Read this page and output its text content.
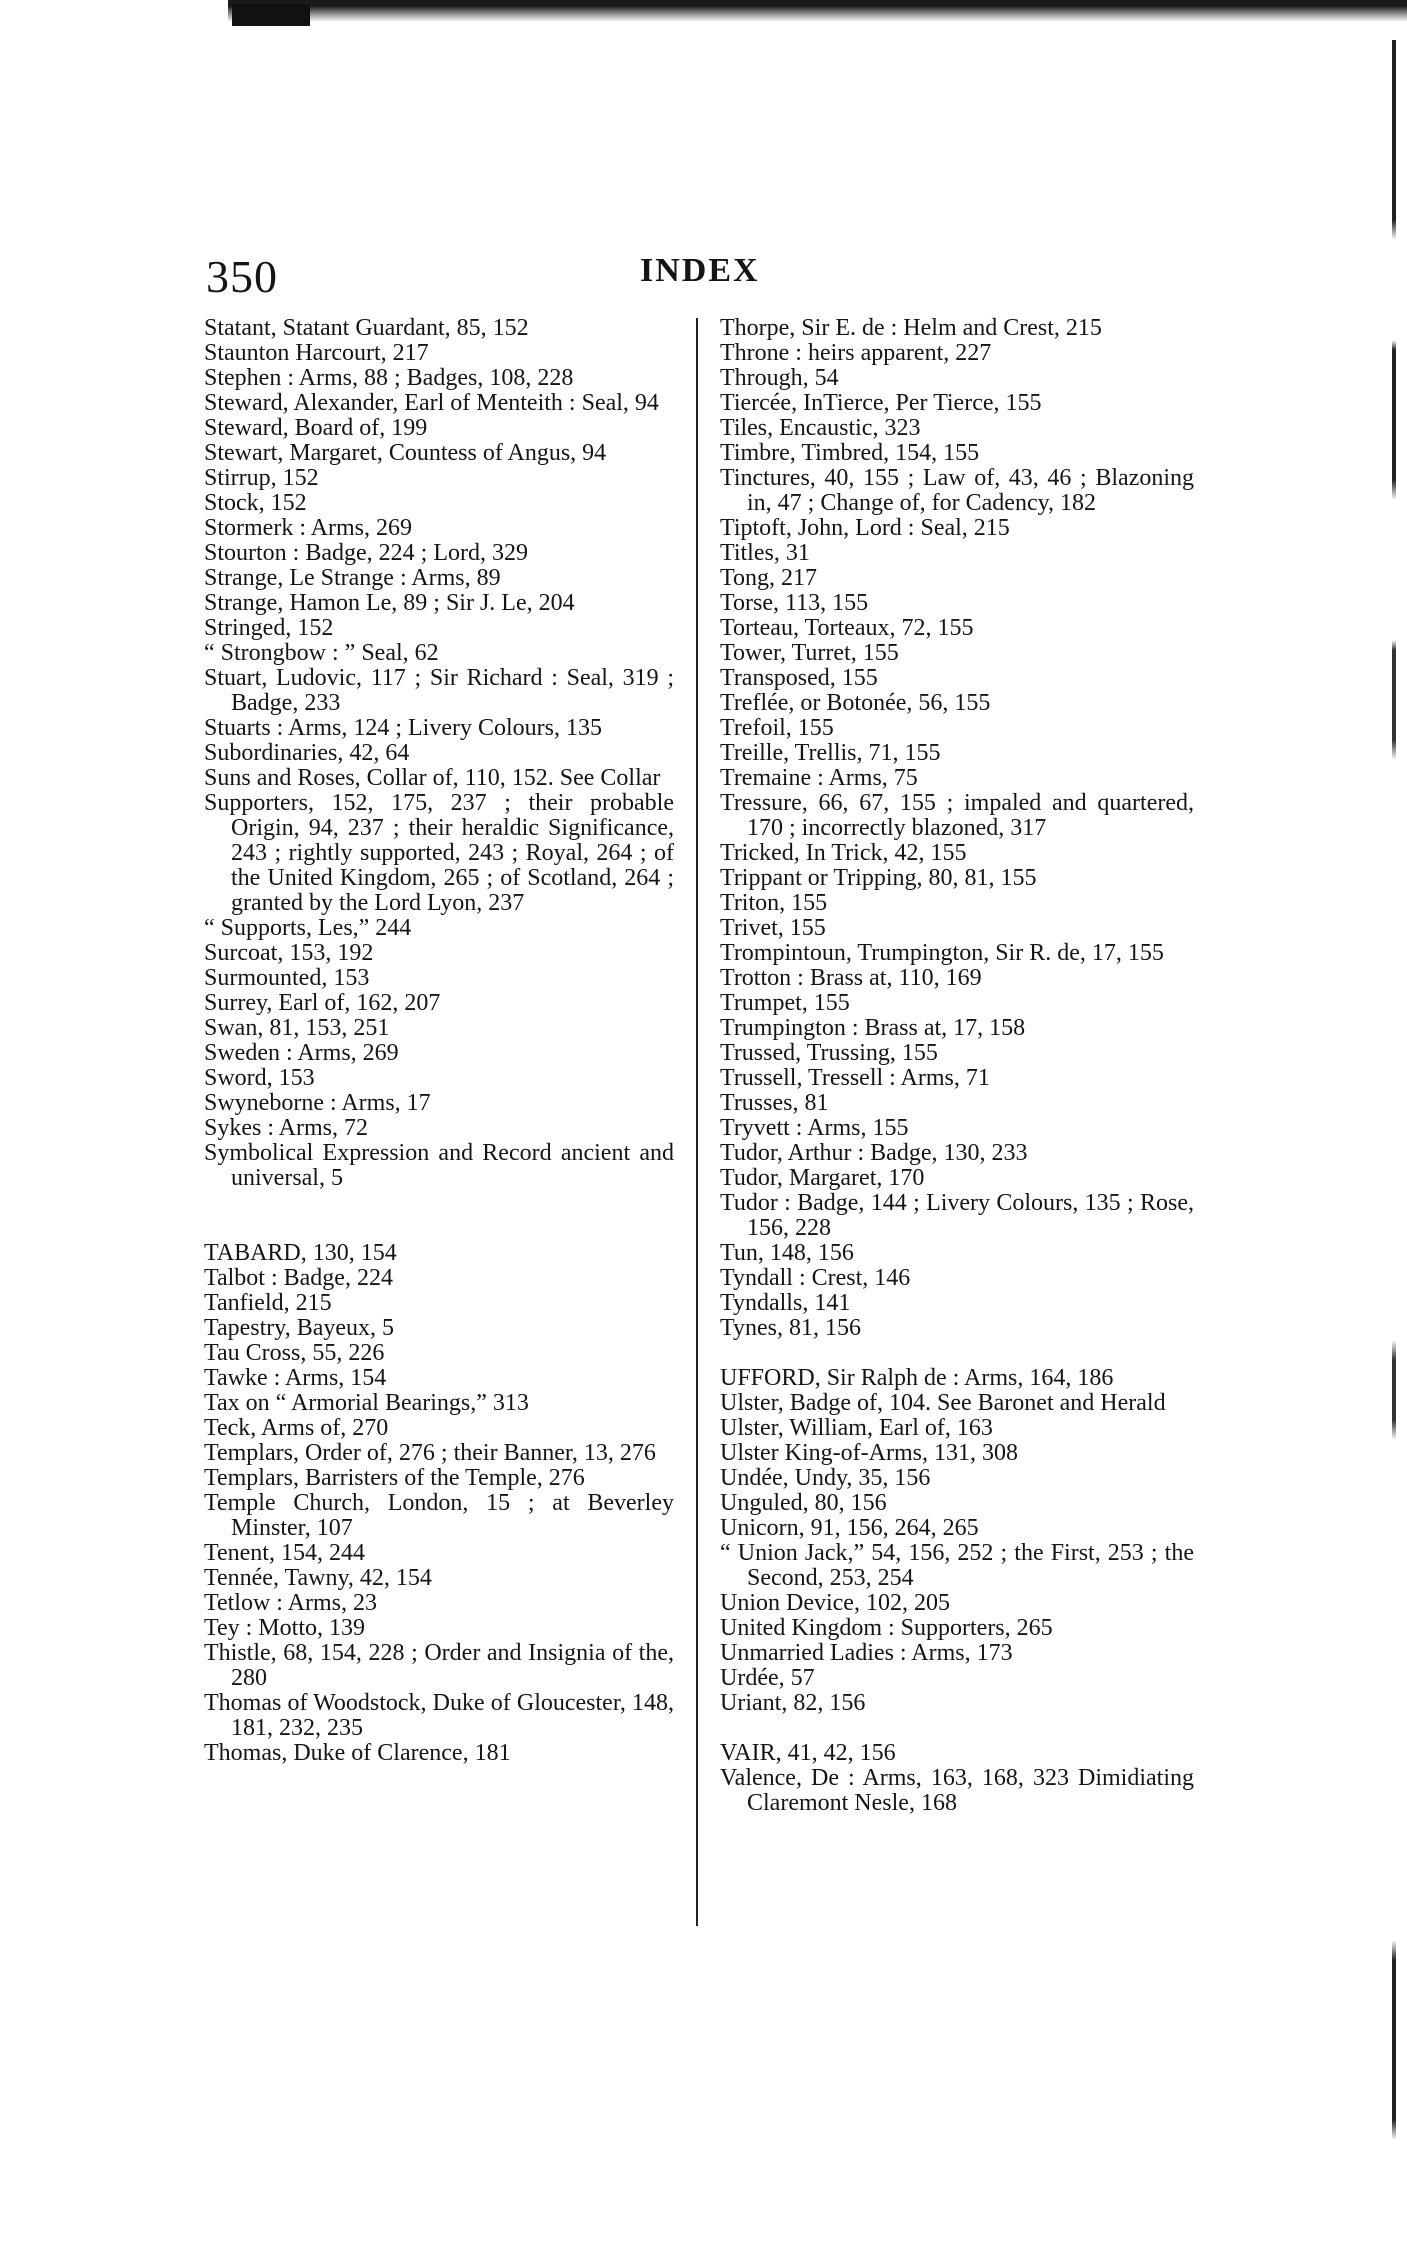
350	INDEX
Statant, Statant Guardant, 85, 152
Staunton Harcourt, 217
Stephen : Arms, 88 ; Badges, 108, 228
Steward, Alexander, Earl of Menteith : Seal, 94
Steward, Board of, 199
Stewart, Margaret, Countess of Angus, 94
Stirrup, 152
Stock, 152
Stormerk : Arms, 269
Stourton : Badge, 224 ; Lord, 329
Strange, Le Strange : Arms, 89
Strange, Hamon Le, 89 ; Sir J. Le, 204
Stringed, 152
“ Strongbow : ” Seal, 62
Stuart, Ludovic, 117 ; Sir Richard : Seal, 319 ; Badge, 233
Stuarts : Arms, 124 ; Livery Colours, 135
Subordinaries, 42, 64
Suns and Roses, Collar of, 110, 152. See Collar
Supporters, 152, 175, 237 ; their probable Origin, 94, 237 ; their heraldic Significance, 243 ; rightly supported, 243 ; Royal, 264 ; of the United Kingdom, 265 ; of Scotland, 264 ; granted by the Lord Lyon, 237
“ Supports, Les,” 244
Surcoat, 153, 192
Surmounted, 153
Surrey, Earl of, 162, 207
Swan, 81, 153, 251
Sweden : Arms, 269
Sword, 153
Swyneborne : Arms, 17
Sykes : Arms, 72
Symbolical Expression and Record ancient and universal, 5
TABARD, 130, 154
Talbot : Badge, 224
Tanfield, 215
Tapestry, Bayeux, 5
Tau Cross, 55, 226
Tawke : Arms, 154
Tax on “ Armorial Bearings,” 313
Teck, Arms of, 270
Templars, Order of, 276 ; their Banner, 13, 276
Templars, Barristers of the Temple, 276
Temple Church, London, 15 ; at Beverley Minster, 107
Tenent, 154, 244
Tennée, Tawny, 42, 154
Tetlow : Arms, 23
Tey : Motto, 139
Thistle, 68, 154, 228 ; Order and Insignia of the, 280
Thomas of Woodstock, Duke of Gloucester, 148, 181, 232, 235
Thomas, Duke of Clarence, 181
Thorpe, Sir E. de : Helm and Crest, 215
Throne : heirs apparent, 227
Through, 54
Tiercée, InTierce, Per Tierce, 155
Tiles, Encaustic, 323
Timbre, Timbred, 154, 155
Tinctures, 40, 155 ; Law of, 43, 46 ; Blazoning in, 47 ; Change of, for Cadency, 182
Tiptoft, John, Lord : Seal, 215
Titles, 31
Tong, 217
Torse, 113, 155
Torteau, Torteaux, 72, 155
Tower, Turret, 155
Transposed, 155
Treflée, or Botonée, 56, 155
Trefoil, 155
Treille, Trellis, 71, 155
Tremaine : Arms, 75
Tressure, 66, 67, 155 ; impaled and quartered, 170 ; incorrectly blazoned, 317
Tricked, In Trick, 42, 155
Trippant or Tripping, 80, 81, 155
Triton, 155
Trivet, 155
Trompintoun, Trumpington, Sir R. de, 17, 155
Trotton : Brass at, 110, 169
Trumpet, 155
Trumpington : Brass at, 17, 158
Trussed, Trussing, 155
Trussell, Tressell : Arms, 71
Trusses, 81
Tryvett : Arms, 155
Tudor, Arthur : Badge, 130, 233
Tudor, Margaret, 170
Tudor : Badge, 144 ; Livery Colours, 135 ; Rose, 156, 228
Tun, 148, 156
Tyndall : Crest, 146
Tyndalls, 141
Tynes, 81, 156
UFFORD, Sir Ralph de : Arms, 164, 186
Ulster, Badge of, 104. See Baronet and Herald
Ulster, William, Earl of, 163
Ulster King-of-Arms, 131, 308
Undée, Undy, 35, 156
Unguled, 80, 156
Unicorn, 91, 156, 264, 265
“ Union Jack,” 54, 156, 252 ; the First, 253 ; the Second, 253, 254
Union Device, 102, 205
United Kingdom : Supporters, 265
Unmarried Ladies : Arms, 173
Urdée, 57
Uriant, 82, 156
VAIR, 41, 42, 156
Valence, De : Arms, 163, 168, 323 Dimidiating Claremont Nesle, 168
